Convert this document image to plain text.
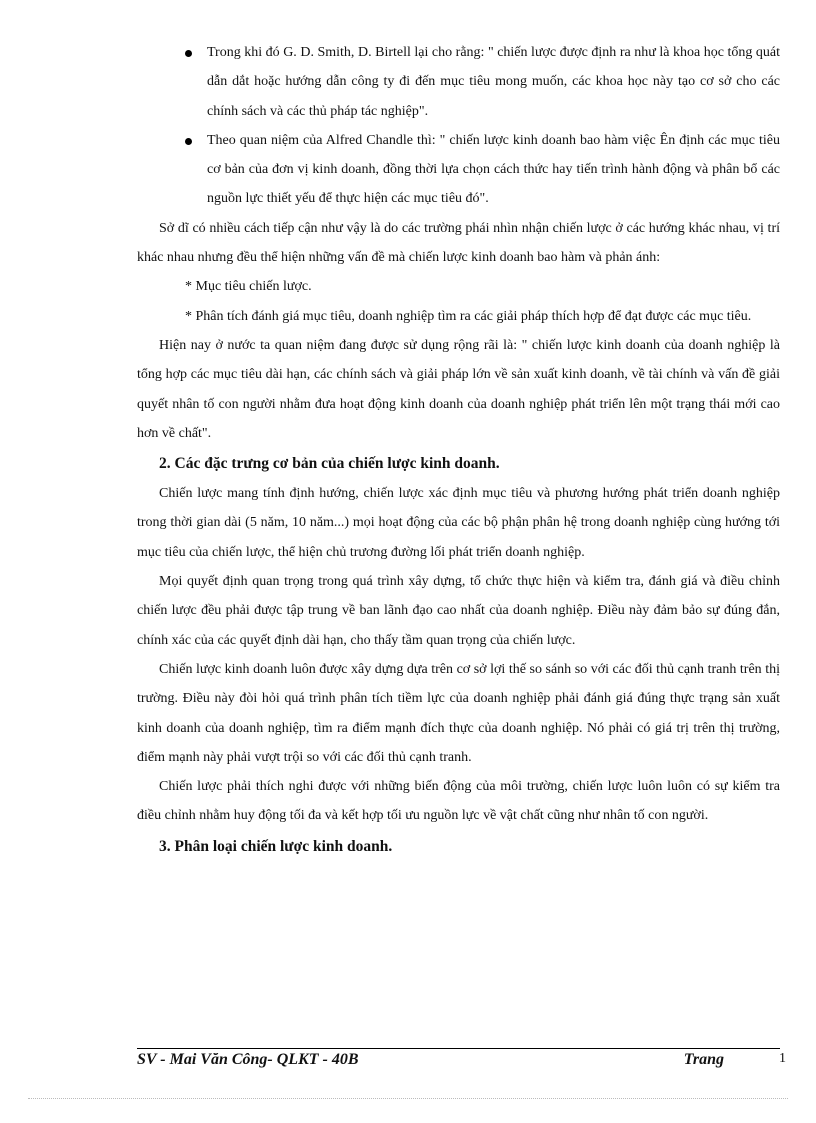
Trong khi đó G. D. Smith, D. Birtell lại cho rằng: " chiến lược được định ra như là khoa học tổng quát dẫn dắt hoặc hướng dẫn công ty đi đến mục tiêu mong muốn, các khoa học này tạo cơ sở cho các chính sách và các thủ pháp tác nghiệp".
Theo quan niệm của Alfred Chandle thì: " chiến lược kinh doanh bao hàm việc Ên định các mục tiêu cơ bản của đơn vị kinh doanh, đồng thời lựa chọn cách thức hay tiến trình hành động và phân bổ các nguồn lực thiết yếu để thực hiện các mục tiêu đó".

Sở dĩ có nhiều cách tiếp cận như vậy là do các trường phái nhìn nhận chiến lược ở các hướng khác nhau, vị trí khác nhau nhưng đều thể hiện những vấn đề mà chiến lược kinh doanh bao hàm và phản ánh:

* Mục tiêu chiến lược.

* Phân tích đánh giá mục tiêu, doanh nghiệp tìm ra các giải pháp thích hợp để đạt được các mục tiêu.

Hiện nay ở nước ta quan niệm đang được sử dụng rộng rãi là: " chiến lược kinh doanh của doanh nghiệp là tổng hợp các mục tiêu dài hạn, các chính sách và giải pháp lớn về sản xuất kinh doanh, về tài chính và vấn đề giải quyết nhân tố con người nhằm đưa hoạt động kinh doanh của doanh nghiệp phát triển lên một trạng thái mới cao hơn về chất".

2. Các đặc trưng cơ bản của chiến lược kinh doanh.

Chiến lược mang tính định hướng, chiến lược xác định mục tiêu và phương hướng phát triển doanh nghiệp trong thời gian dài (5 năm, 10 năm...) mọi hoạt động của các bộ phận phân hệ trong doanh nghiệp cùng hướng tới mục tiêu của chiến lược, thể hiện chủ trương đường lối phát triển doanh nghiệp.

Mọi quyết định quan trọng trong quá trình xây dựng, tổ chức thực hiện và kiểm tra, đánh giá và điều chỉnh chiến lược đều phải được tập trung về ban lãnh đạo cao nhất của doanh nghiệp. Điều này đảm bảo sự đúng đắn, chính xác của các quyết định dài hạn, cho thấy tầm quan trọng của chiến lược.

Chiến lược kinh doanh luôn được xây dựng dựa trên cơ sở lợi thế so sánh so với các đối thủ cạnh tranh trên thị trường. Điều này đòi hỏi quá trình phân tích tiềm lực của doanh nghiệp phải đánh giá đúng thực trạng sản xuất kinh doanh của doanh nghiệp, tìm ra điểm mạnh đích thực của doanh nghiệp. Nó phải có giá trị trên thị trường, điểm mạnh này phải vượt trội so với các đối thủ cạnh tranh.

Chiến lược phải thích nghi được với những biến động của môi trường, chiến lược luôn luôn có sự kiểm tra điều chỉnh nhằm huy động tối đa và kết hợp tối ưu nguồn lực về vật chất cũng như nhân tố con người.

3. Phân loại chiến lược kinh doanh.
SV - Mai Văn Công- QLKT - 40B	Trang	1
